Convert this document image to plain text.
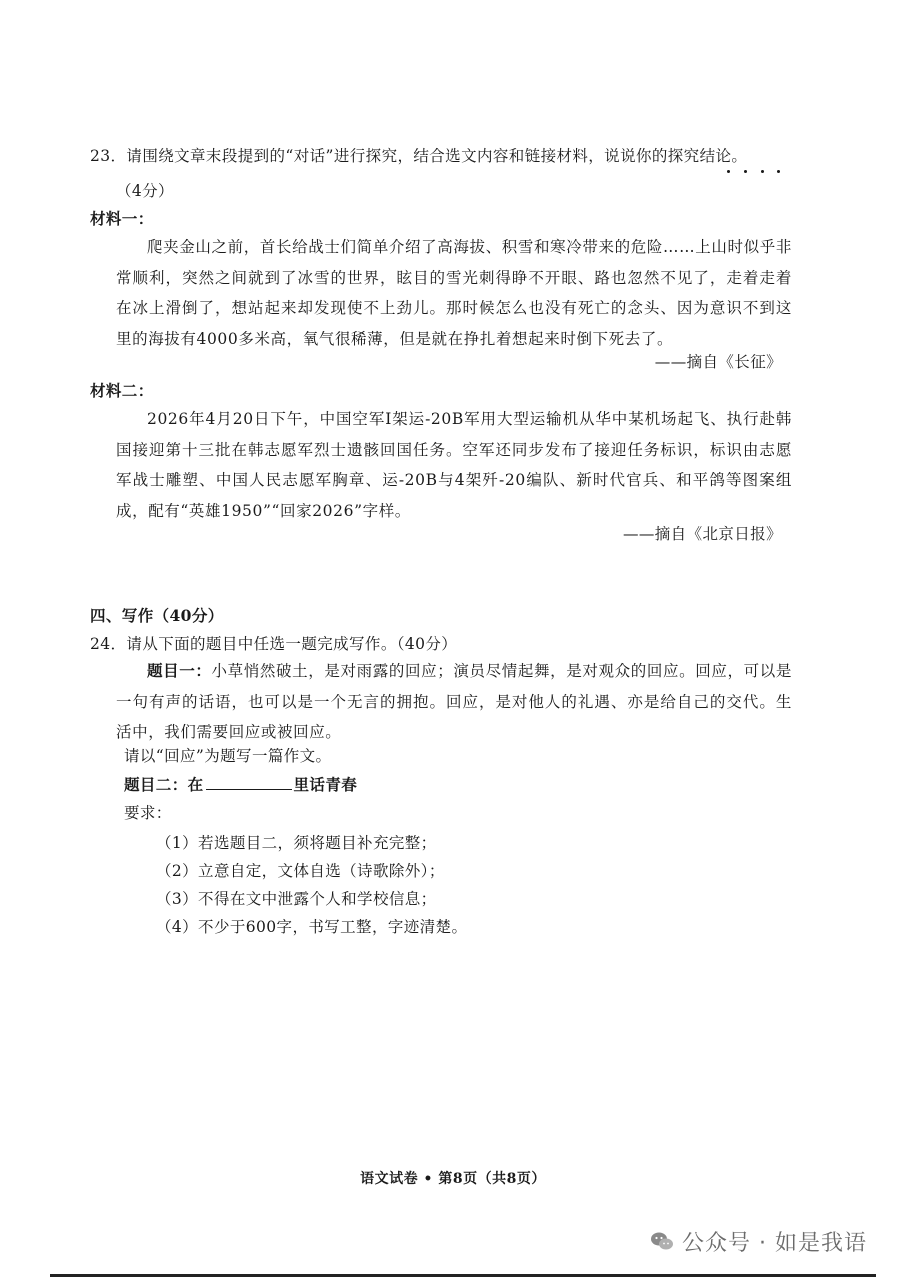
23．请围绕文章末段提到的“对话”进行探究，结合选文内容和链接材料，说说你的探究结论。
（4分）
材料一：
爬夹金山之前，首长给战士们简单介绍了高海拔、积雪和寒冷带来的危险……上山时似乎非常顺利，突然之间就到了冰雪的世界，眩目的雪光刺得睁不开眼、路也忽然不见了，走着走着在冰上滑倒了，想站起来却发现使不上劲儿。那时候怎么也没有死亡的念头、因为意识不到这里的海拔有4000多米高，氧气很稀薄，但是就在挣扎着想起来时倒下死去了。
——摘自《长征》
材料二：
2026年4月20日下午，中国空军Ⅰ架运-20B军用大型运输机从华中某机场起飞、执行赴韩国接迎第十三批在韩志愿军烈士遗骸回国任务。空军还同步发布了接迎任务标识，标识由志愿军战士雕塑、中国人民志愿军胸章、运-20B与4架歼-20编队、新时代官兵、和平鸽等图案组成，配有“英雄1950”“回家2026”字样。
——摘自《北京日报》
四、写作（40分）
24．请从下面的题目中任选一题完成写作。（40分）
题目一：小草悄然破土，是对雨露的回应；演员尽情起舞，是对观众的回应。回应，可以是一句有声的话语，也可以是一个无言的拥抱。回应，是对他人的礼遇、亦是给自己的交代。生活中，我们需要回应或被回应。
请以“回应”为题写一篇作文。
题目二：在	里话青春
要求：
（1）若选题目二，须将题目补充完整；
（2）立意自定，文体自选（诗歌除外）；
（3）不得在文中泄露个人和学校信息；
（4）不少于600字，书写工整，字迹清楚。
语文试卷 • 第8页（共8页）
公众号 · 如是我语
